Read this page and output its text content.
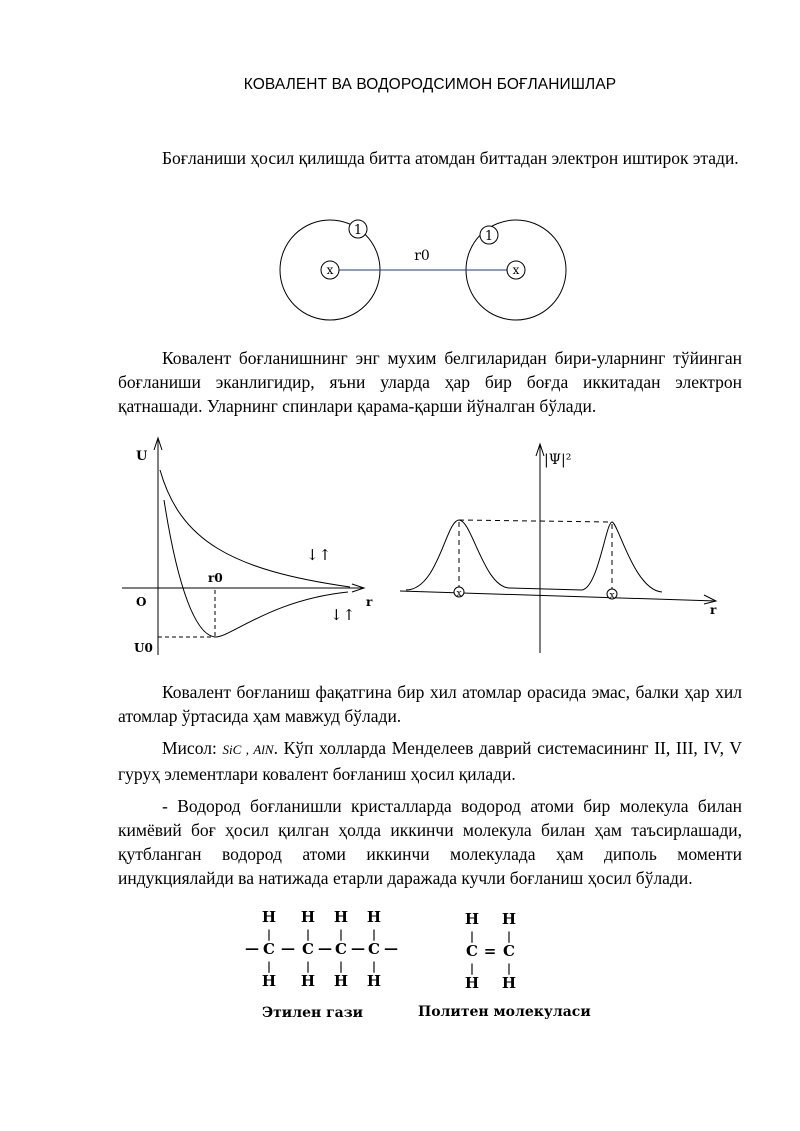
КОВАЛЕНТ ВА ВОДОРОДСИМОН БОҒЛАНИШЛАР

Боғланиши ҳосил қилишда битта атомдан биттадан электрон иштирок этади.

x	x
1	1
r0

Ковалент боғланишнинг энг мухим белгиларидан бири-уларнинг тўйинган боғланиши эканлигидир, яъни уларда ҳар бир боғда иккитадан электрон қатнашади. Уларнинг спинлари қарама-қарши йўналган бўлади.

U
r
O
r0
U0
↓↑
↓↑
|Ψ|²
r
x	x

Ковалент боғланиш фақатгина бир хил атомлар орасида эмас, балки ҳар хил атомлар ўртасида ҳам мавжуд бўлади.

Мисол: SiC , AlN. Кўп холларда Менделеев даврий системасининг II, III, IV, V гуруҳ элементлари ковалент боғланиш ҳосил қилади.

- Водород боғланишли кристалларда водород атоми бир молекула билан кимёвий боғ ҳосил қилган ҳолда иккинчи молекула билан ҳам таъсирлашади, қутбланган водород атоми иккинчи молекулада ҳам диполь моменти индукциялайди ва натижада етарли даражада кучли боғланиш ҳосил бўлади.

H H H H
|	|	|	|
— C — C — C — C —
|	|	|	|
H H H H
H H
|	|
C = C
|	|
H H
Этилен гази	Политен молекуласи
